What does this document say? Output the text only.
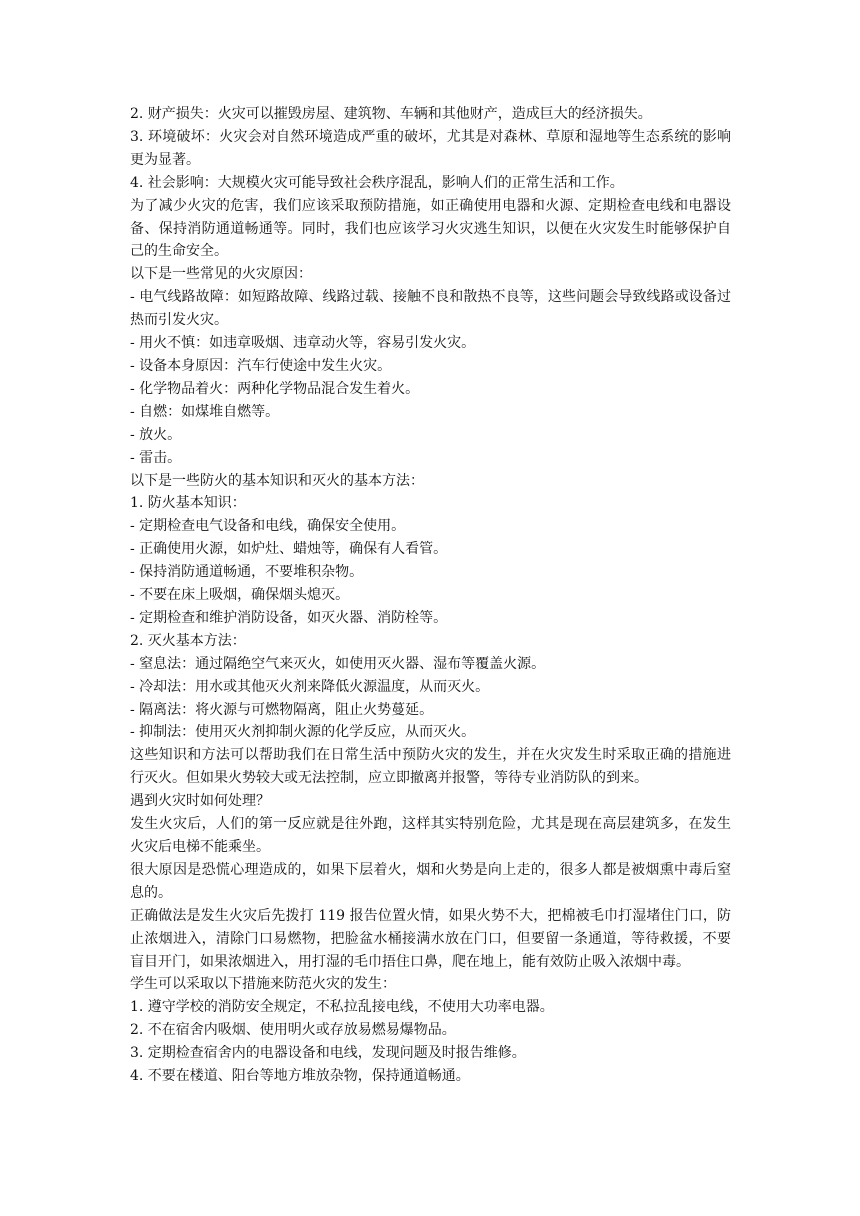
2. 财产损失：火灾可以摧毁房屋、建筑物、车辆和其他财产，造成巨大的经济损失。

3. 环境破坏：火灾会对自然环境造成严重的破坏，尤其是对森林、草原和湿地等生态系统的影响更为显著。

4. 社会影响：大规模火灾可能导致社会秩序混乱，影响人们的正常生活和工作。

为了减少火灾的危害，我们应该采取预防措施，如正确使用电器和火源、定期检查电线和电器设备、保持消防通道畅通等。同时，我们也应该学习火灾逃生知识，以便在火灾发生时能够保护自己的生命安全。

以下是一些常见的火灾原因：

- 电气线路故障：如短路故障、线路过载、接触不良和散热不良等，这些问题会导致线路或设备过热而引发火灾。

- 用火不慎：如违章吸烟、违章动火等，容易引发火灾。

- 设备本身原因：汽车行使途中发生火灾。

- 化学物品着火：两种化学物品混合发生着火。

- 自燃：如煤堆自燃等。

- 放火。

- 雷击。

以下是一些防火的基本知识和灭火的基本方法：

1. 防火基本知识：

- 定期检查电气设备和电线，确保安全使用。

- 正确使用火源，如炉灶、蜡烛等，确保有人看管。

- 保持消防通道畅通，不要堆积杂物。

- 不要在床上吸烟，确保烟头熄灭。

- 定期检查和维护消防设备，如灭火器、消防栓等。

2. 灭火基本方法：

- 窒息法：通过隔绝空气来灭火，如使用灭火器、湿布等覆盖火源。

- 冷却法：用水或其他灭火剂来降低火源温度，从而灭火。

- 隔离法：将火源与可燃物隔离，阻止火势蔓延。

- 抑制法：使用灭火剂抑制火源的化学反应，从而灭火。

这些知识和方法可以帮助我们在日常生活中预防火灾的发生，并在火灾发生时采取正确的措施进行灭火。但如果火势较大或无法控制，应立即撤离并报警，等待专业消防队的到来。

遇到火灾时如何处理？

发生火灾后，人们的第一反应就是往外跑，这样其实特别危险，尤其是现在高层建筑多，在发生火灾后电梯不能乘坐。

很大原因是恐慌心理造成的，如果下层着火，烟和火势是向上走的，很多人都是被烟熏中毒后窒息的。

正确做法是发生火灾后先拨打 119 报告位置火情，如果火势不大，把棉被毛巾打湿堵住门口，防止浓烟进入，清除门口易燃物，把脸盆水桶接满水放在门口，但要留一条通道，等待救援，不要盲目开门，如果浓烟进入，用打湿的毛巾捂住口鼻，爬在地上，能有效防止吸入浓烟中毒。

学生可以采取以下措施来防范火灾的发生：

1. 遵守学校的消防安全规定，不私拉乱接电线，不使用大功率电器。

2. 不在宿舍内吸烟、使用明火或存放易燃易爆物品。

3. 定期检查宿舍内的电器设备和电线，发现问题及时报告维修。

4. 不要在楼道、阳台等地方堆放杂物，保持通道畅通。
